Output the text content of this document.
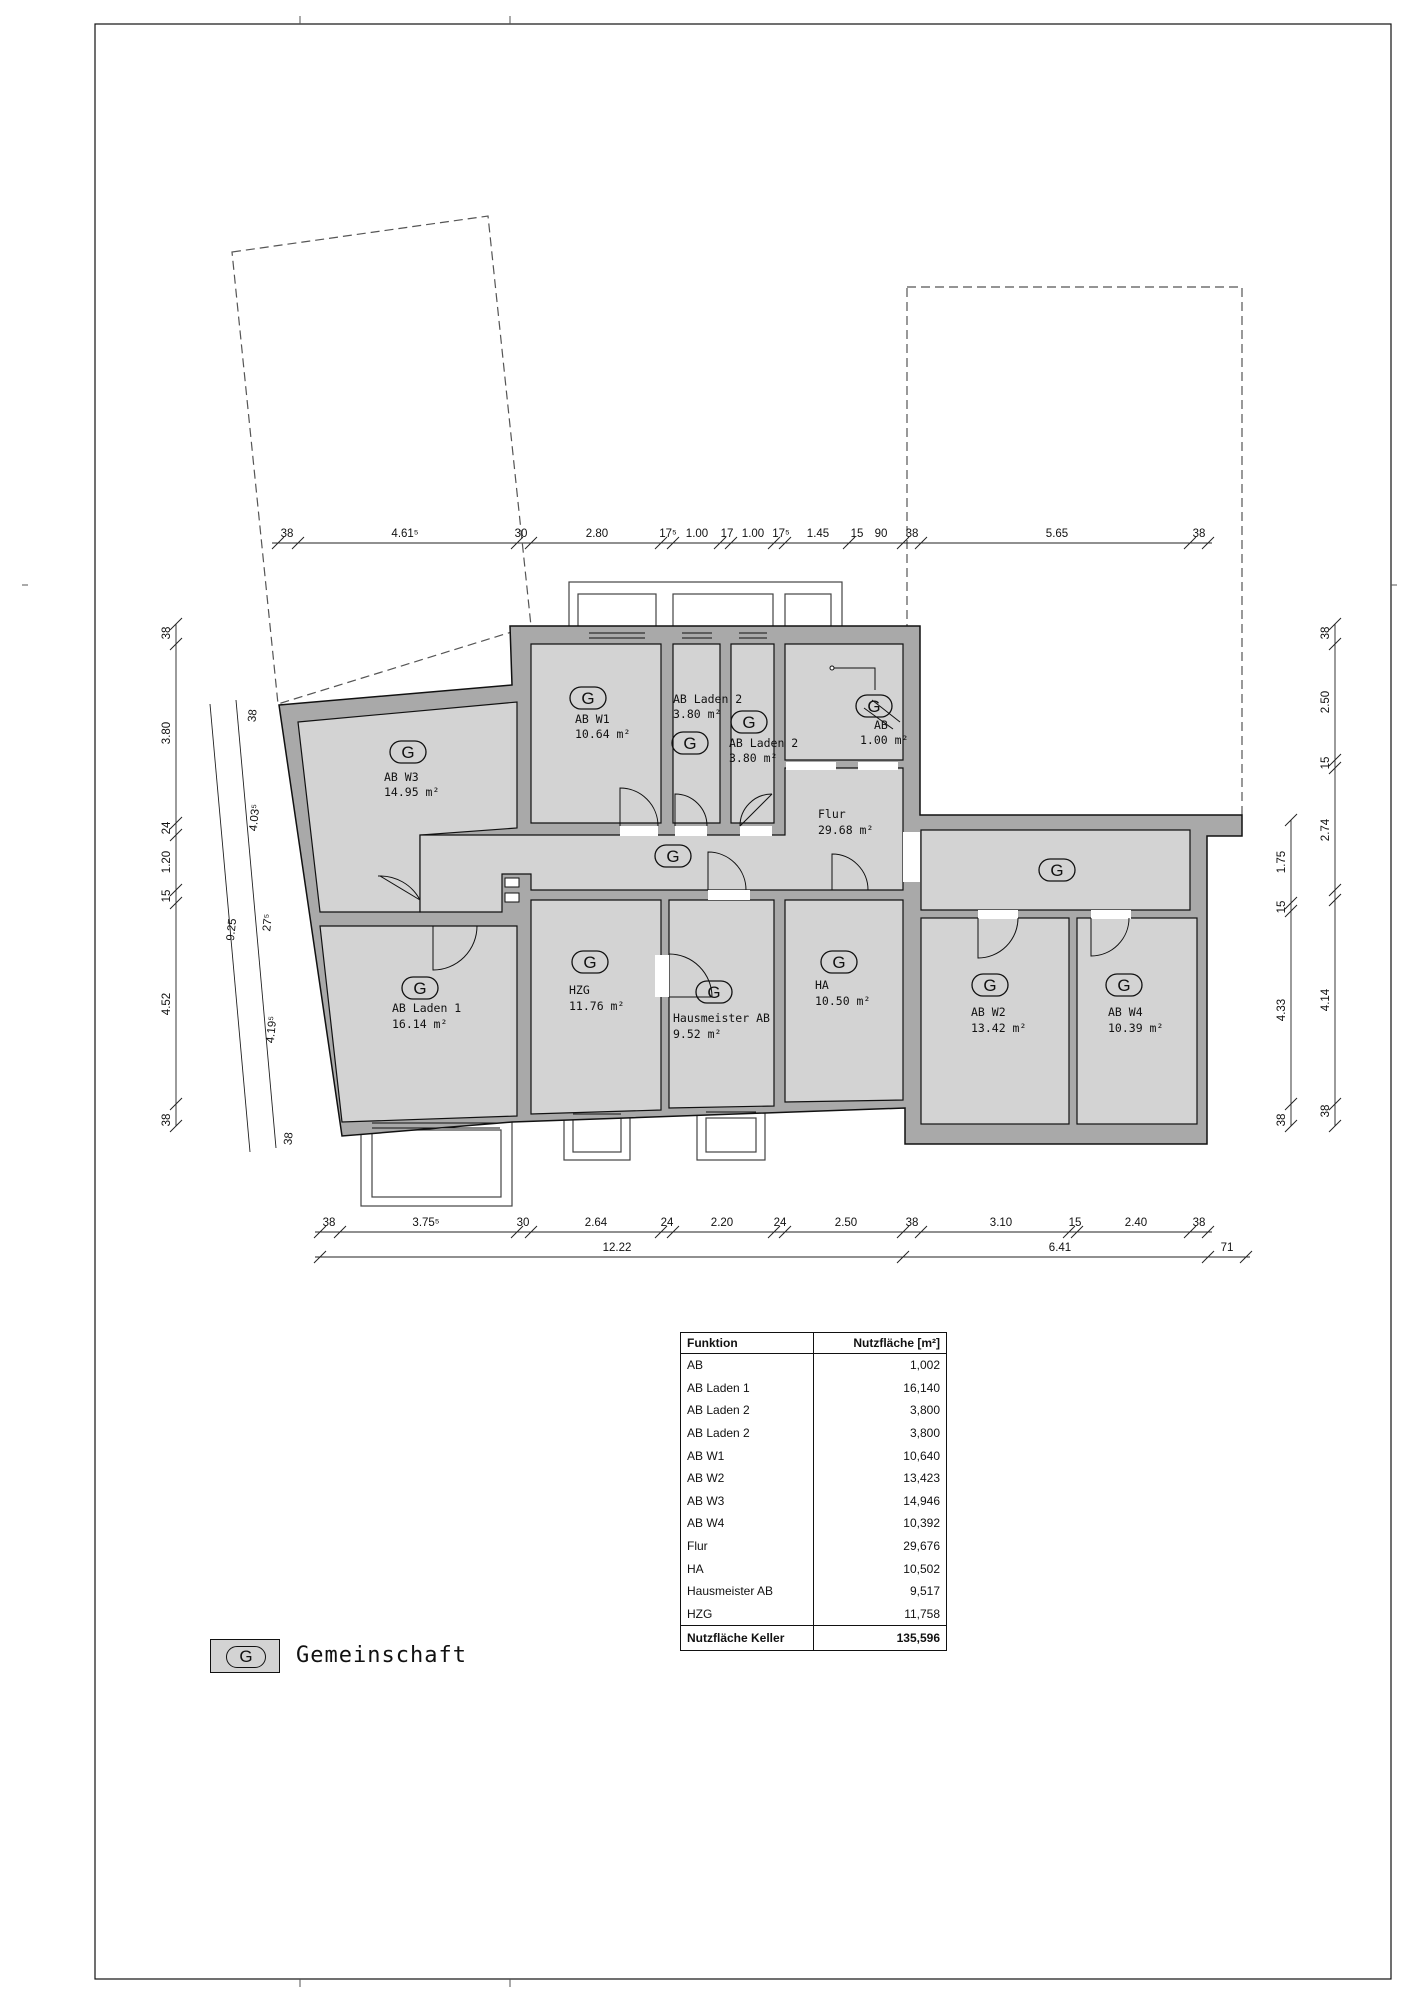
AB W3
14.95 m²
AB W1
10.64 m²
AB Laden 2
3.80 m²
AB Laden 2
3.80 m²
AB
1.00 m²
Flur
29.68 m²
AB Laden 1
16.14 m²
HZG
11.76 m²
Hausmeister AB
9.52 m²
HA
10.50 m²
AB W2
13.42 m²
AB W4
10.39 m²
G
G
G
G
G
G
G
G
G
G
G
G	G
38	4.61⁵	30	2.80	17⁵ 1.00 17 1.00 17⁵ 1.45 15 90 38	5.65	38
38	3.75⁵	30	2.64	24	2.20	24	2.50	38	3.10	15	2.40	38
12.22	6.41	71
38
3.80
24
1.20
15
4.52
38
9.25
38
4.03⁵
27⁵
4.19⁵
38
1.75
15
4.33
38
38
2.50
15
2.74
4.14
38
Funktion	Nutzfläche [m²]
AB	1,002
AB Laden 1	16,140
AB Laden 2	3,800
AB Laden 2	3,800
AB W1	10,640
AB W2	13,423
AB W3	14,946
AB W4	10,392
Flur	29,676
HA	10,502
Hausmeister AB	9,517
HZG	11,758
Nutzfläche Keller	135,596
G	Gemeinschaft
